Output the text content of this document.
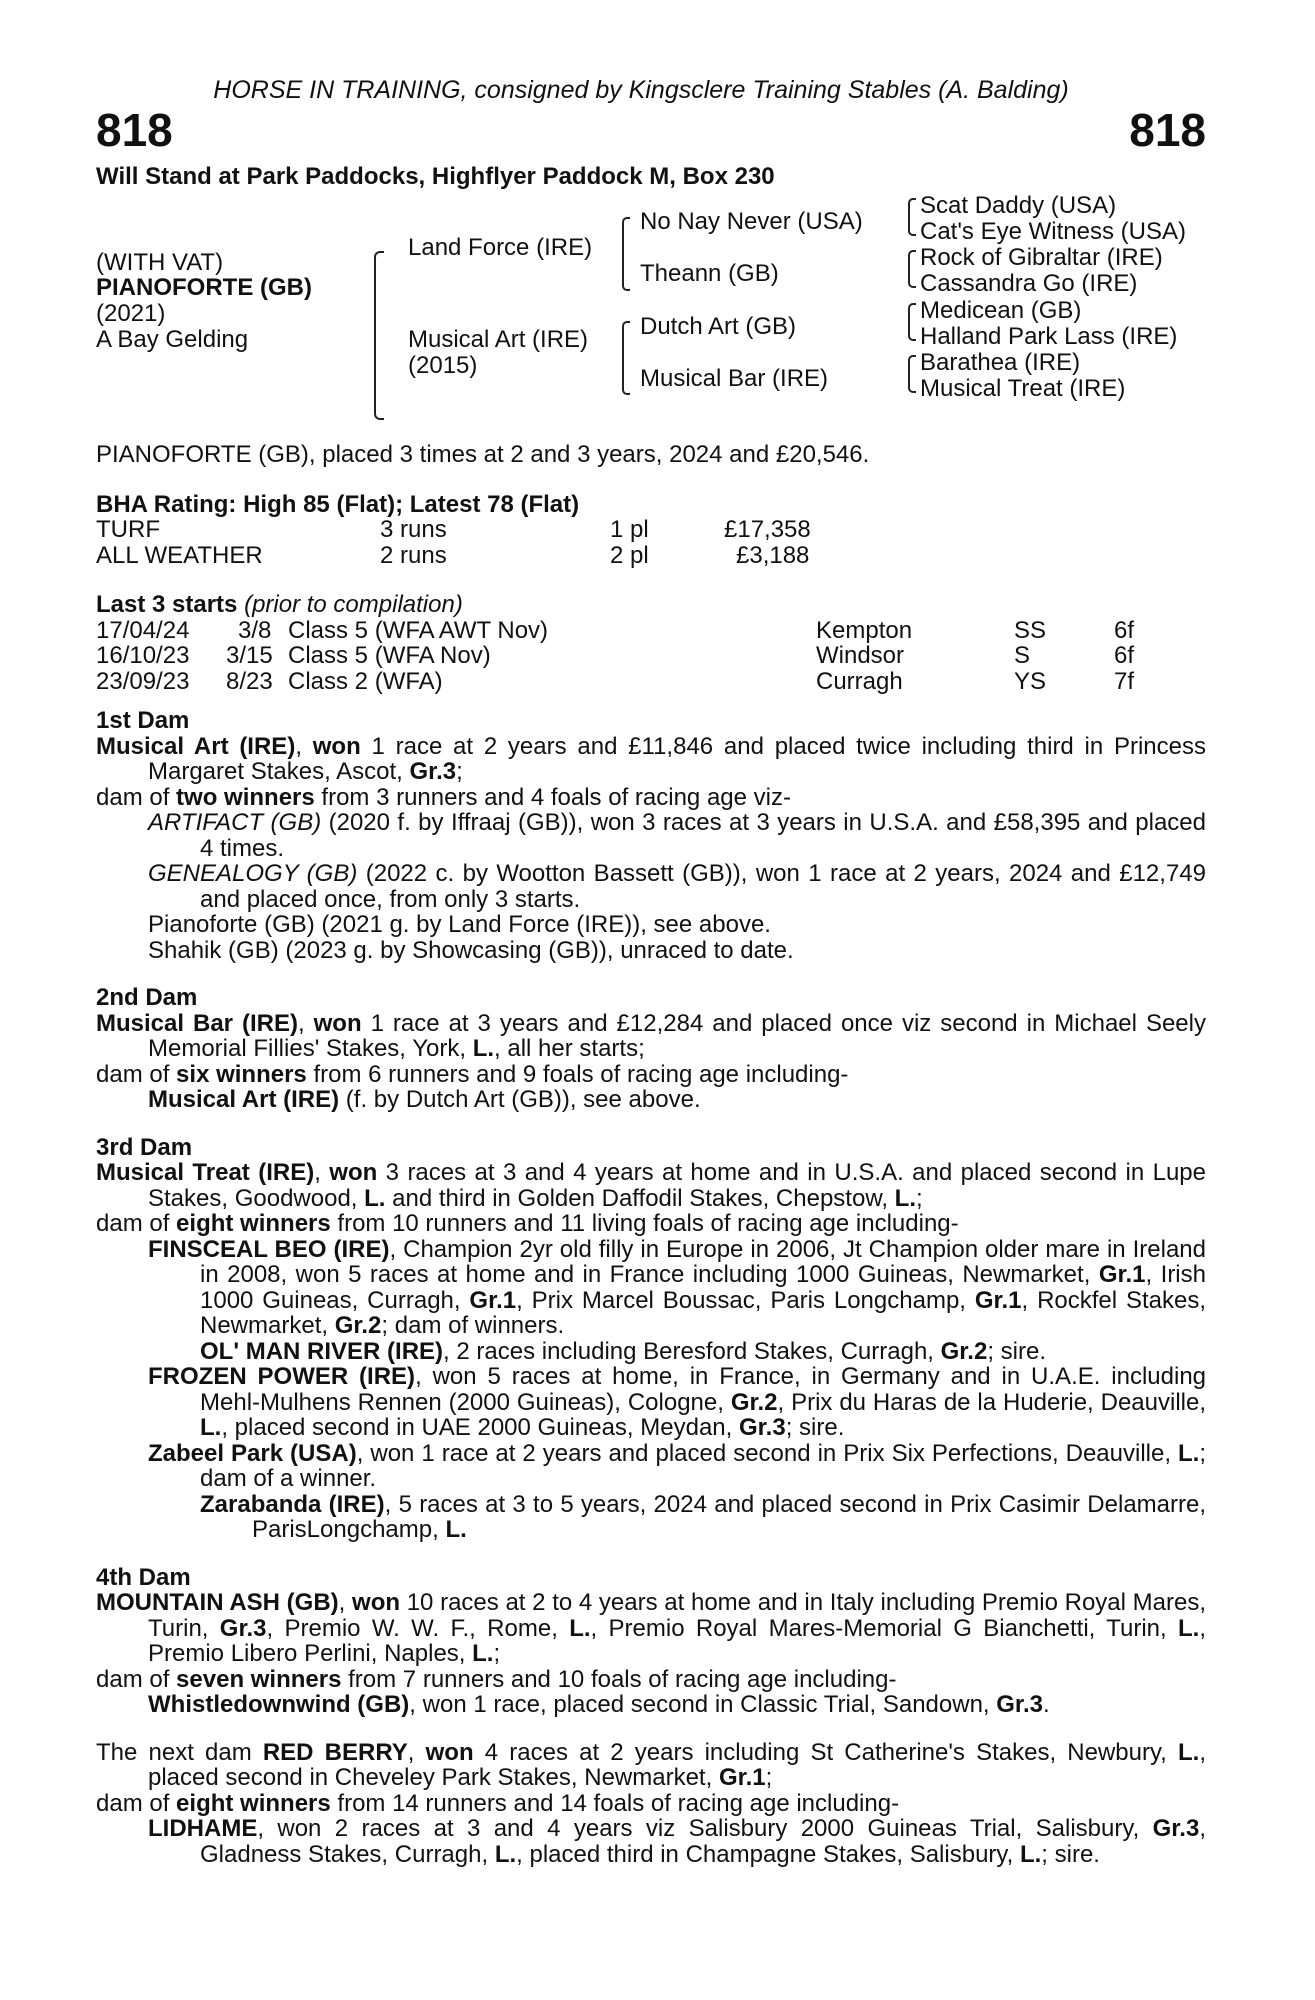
HORSE IN TRAINING, consigned by Kingsclere Training Stables (A. Balding)
818	818
Will Stand at Park Paddocks, Highflyer Paddock M, Box 230
(WITH VAT)
PIANOFORTE (GB)
(2021)
A Bay Gelding
Land Force (IRE)
Musical Art (IRE)
(2015)
No Nay Never (USA)
Theann (GB)
Dutch Art (GB)
Musical Bar (IRE)
Scat Daddy (USA)
Cat's Eye Witness (USA)
Rock of Gibraltar (IRE)
Cassandra Go (IRE)
Medicean (GB)
Halland Park Lass (IRE)
Barathea (IRE)
Musical Treat (IRE)

PIANOFORTE (GB), placed 3 times at 2 and 3 years, 2024 and £20,546.

BHA Rating: High 85 (Flat); Latest 78 (Flat)
TURF	3 runs	1 pl	£17,358
ALL WEATHER	2 runs	2 pl	£3,188
Last 3 starts (prior to compilation)
17/04/24 3/8 Class 5 (WFA AWT Nov)	Kempton	SS	6f
16/10/23 3/15 Class 5 (WFA Nov)	Windsor	S	6f
23/09/23 8/23 Class 2 (WFA)	Curragh	YS	7f
1st Dam

Musical Art (IRE), won 1 race at 2 years and £11,846 and placed twice including third in Princess Margaret Stakes, Ascot, Gr.3;

dam of two winners from 3 runners and 4 foals of racing age viz-

ARTIFACT (GB) (2020 f. by Iffraaj (GB)), won 3 races at 3 years in U.S.A. and £58,395 and placed 4 times.

GENEALOGY (GB) (2022 c. by Wootton Bassett (GB)), won 1 race at 2 years, 2024 and £12,749 and placed once, from only 3 starts.

Pianoforte (GB) (2021 g. by Land Force (IRE)), see above.

Shahik (GB) (2023 g. by Showcasing (GB)), unraced to date.

2nd Dam

Musical Bar (IRE), won 1 race at 3 years and £12,284 and placed once viz second in Michael Seely Memorial Fillies' Stakes, York, L., all her starts;

dam of six winners from 6 runners and 9 foals of racing age including-

Musical Art (IRE) (f. by Dutch Art (GB)), see above.

3rd Dam

Musical Treat (IRE), won 3 races at 3 and 4 years at home and in U.S.A. and placed second in Lupe Stakes, Goodwood, L. and third in Golden Daffodil Stakes, Chepstow, L.;

dam of eight winners from 10 runners and 11 living foals of racing age including-

FINSCEAL BEO (IRE), Champion 2yr old filly in Europe in 2006, Jt Champion older mare in Ireland in 2008, won 5 races at home and in France including 1000 Guineas, Newmarket, Gr.1, Irish 1000 Guineas, Curragh, Gr.1, Prix Marcel Boussac, Paris Longchamp, Gr.1, Rockfel Stakes, Newmarket, Gr.2; dam of winners.

OL' MAN RIVER (IRE), 2 races including Beresford Stakes, Curragh, Gr.2; sire.

FROZEN POWER (IRE), won 5 races at home, in France, in Germany and in U.A.E. including Mehl-Mulhens Rennen (2000 Guineas), Cologne, Gr.2, Prix du Haras de la Huderie, Deauville, L., placed second in UAE 2000 Guineas, Meydan, Gr.3; sire.

Zabeel Park (USA), won 1 race at 2 years and placed second in Prix Six Perfections, Deauville, L.; dam of a winner.

Zarabanda (IRE), 5 races at 3 to 5 years, 2024 and placed second in Prix Casimir Delamarre, ParisLongchamp, L.

4th Dam

MOUNTAIN ASH (GB), won 10 races at 2 to 4 years at home and in Italy including Premio Royal Mares, Turin, Gr.3, Premio W. W. F., Rome, L., Premio Royal Mares-Memorial G Bianchetti, Turin, L., Premio Libero Perlini, Naples, L.;

dam of seven winners from 7 runners and 10 foals of racing age including-

Whistledownwind (GB), won 1 race, placed second in Classic Trial, Sandown, Gr.3.

The next dam RED BERRY, won 4 races at 2 years including St Catherine's Stakes, Newbury, L., placed second in Cheveley Park Stakes, Newmarket, Gr.1;

dam of eight winners from 14 runners and 14 foals of racing age including-

LIDHAME, won 2 races at 3 and 4 years viz Salisbury 2000 Guineas Trial, Salisbury, Gr.3, Gladness Stakes, Curragh, L., placed third in Champagne Stakes, Salisbury, L.; sire.
